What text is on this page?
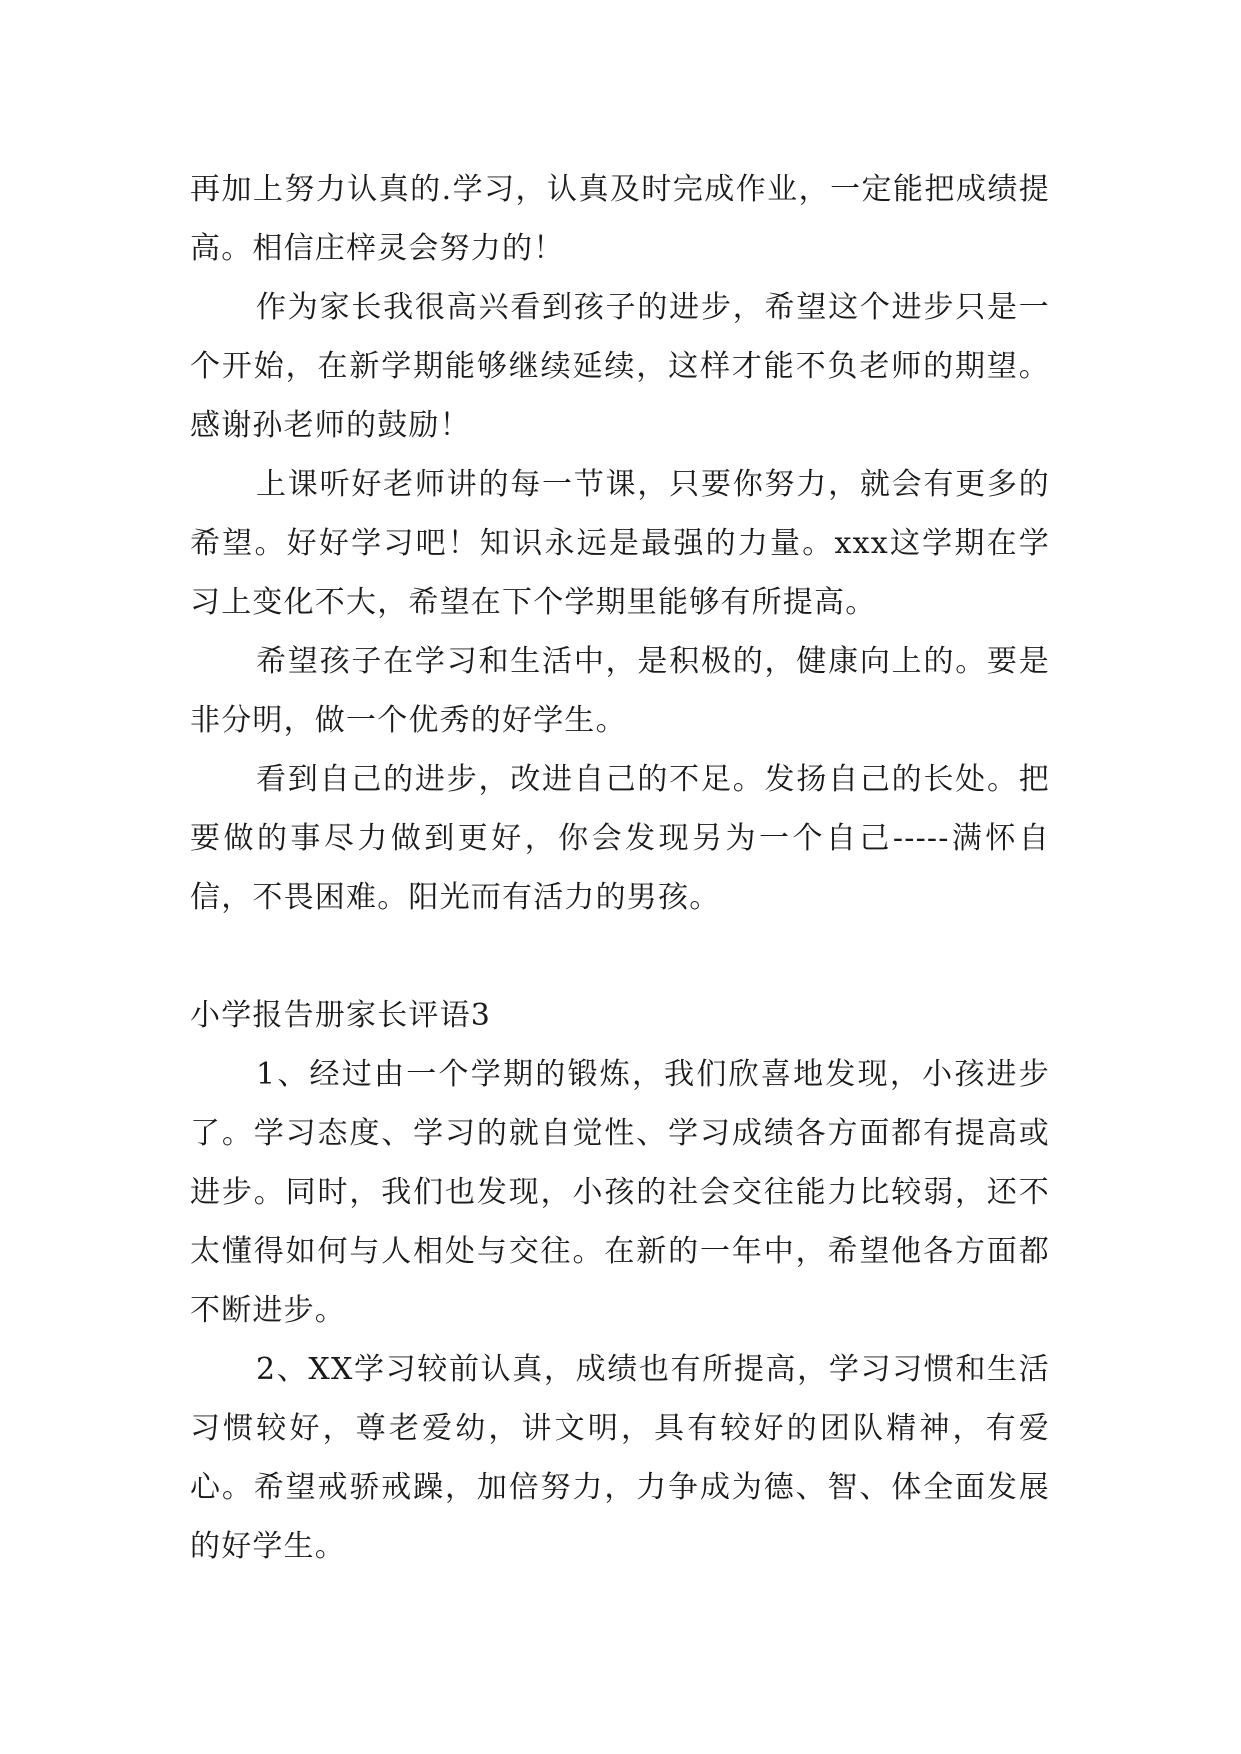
再加上努力认真的.学习，认真及时完成作业，一定能把成绩提高。相信庄梓灵会努力的！

作为家长我很高兴看到孩子的进步，希望这个进步只是一个开始，在新学期能够继续延续，这样才能不负老师的期望。感谢孙老师的鼓励！

上课听好老师讲的每一节课，只要你努力，就会有更多的希望。好好学习吧！知识永远是最强的力量。xxx这学期在学习上变化不大，希望在下个学期里能够有所提高。

希望孩子在学习和生活中，是积极的，健康向上的。要是非分明，做一个优秀的好学生。

看到自己的进步，改进自己的不足。发扬自己的长处。把要做的事尽力做到更好，你会发现另为一个自己-----满怀自信，不畏困难。阳光而有活力的男孩。

小学报告册家长评语3

1、经过由一个学期的锻炼，我们欣喜地发现，小孩进步了。学习态度、学习的就自觉性、学习成绩各方面都有提高或进步。同时，我们也发现，小孩的社会交往能力比较弱，还不太懂得如何与人相处与交往。在新的一年中，希望他各方面都不断进步。

2、XX学习较前认真，成绩也有所提高，学习习惯和生活习惯较好，尊老爱幼，讲文明，具有较好的团队精神，有爱心。希望戒骄戒躁，加倍努力，力争成为德、智、体全面发展的好学生。
